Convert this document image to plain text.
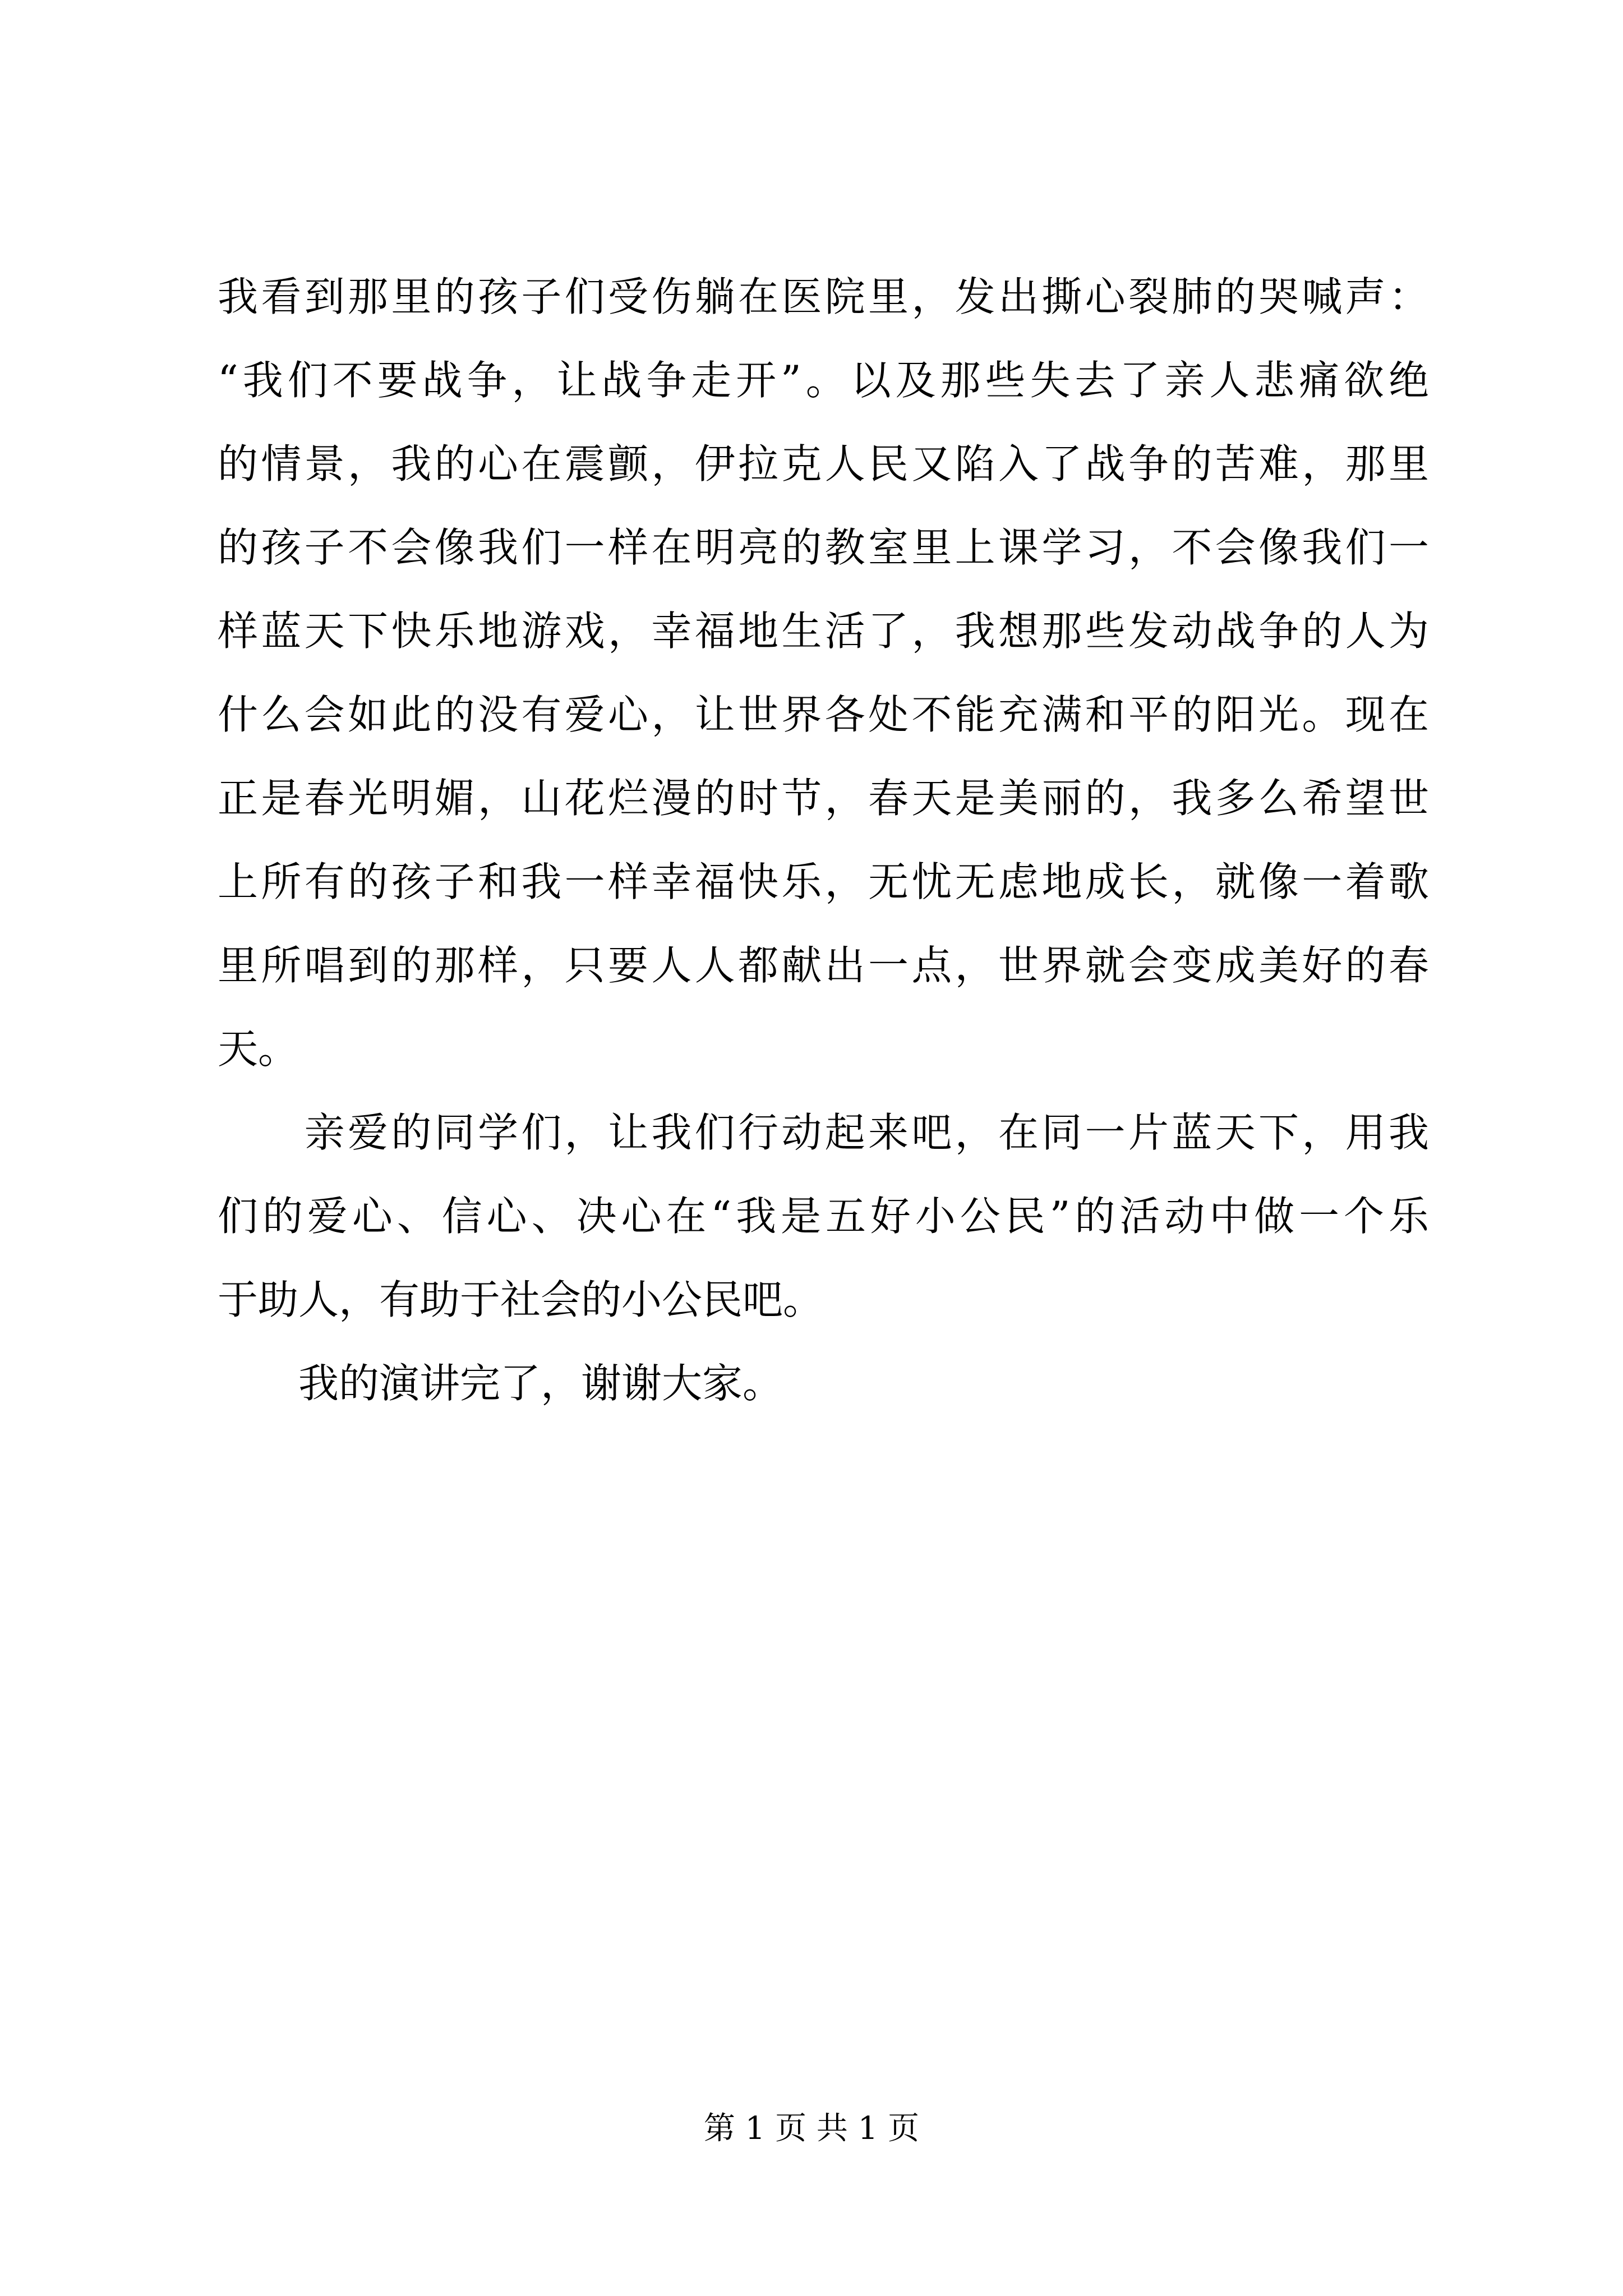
我看到那里的孩子们受伤躺在医院里，发出撕心裂肺的哭喊声：
“我们不要战争，让战争走开”。以及那些失去了亲人悲痛欲绝
的情景，我的心在震颤，伊拉克人民又陷入了战争的苦难，那里
的孩子不会像我们一样在明亮的教室里上课学习，不会像我们一
样蓝天下快乐地游戏，幸福地生活了，我想那些发动战争的人为
什么会如此的没有爱心，让世界各处不能充满和平的阳光。现在
正是春光明媚，山花烂漫的时节，春天是美丽的，我多么希望世
上所有的孩子和我一样幸福快乐，无忧无虑地成长，就像一着歌
里所唱到的那样，只要人人都献出一点，世界就会变成美好的春
天。
　　亲爱的同学们，让我们行动起来吧，在同一片蓝天下，用我
们的爱心、信心、决心在“我是五好小公民”的活动中做一个乐
于助人，有助于社会的小公民吧。
　　我的演讲完了，谢谢大家。
第 1 页 共 1 页
